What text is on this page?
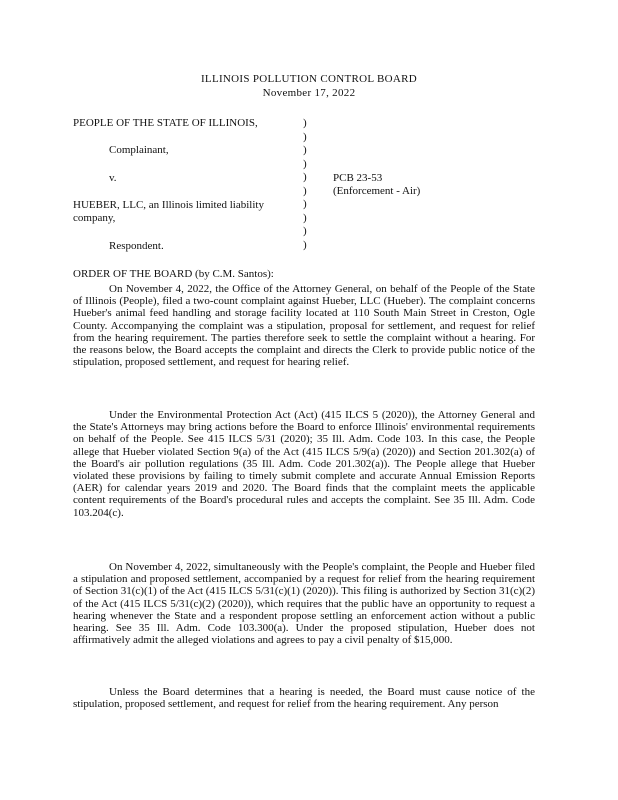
ILLINOIS POLLUTION CONTROL BOARD
November 17, 2022
PEOPLE OF THE STATE OF ILLINOIS,
Complainant,
v.
HUEBER, LLC, an Illinois limited liability
company,
Respondent.
)
)
)
)
)
)
)
)
)
)
PCB 23-53
(Enforcement - Air)
ORDER OF THE BOARD (by C.M. Santos):

On November 4, 2022, the Office of the Attorney General, on behalf of the People of the State of Illinois (People), filed a two-count complaint against Hueber, LLC (Hueber). The complaint concerns Hueber's animal feed handling and storage facility located at 110 South Main Street in Creston, Ogle County. Accompanying the complaint was a stipulation, proposal for settlement, and request for relief from the hearing requirement. The parties therefore seek to settle the complaint without a hearing. For the reasons below, the Board accepts the complaint and directs the Clerk to provide public notice of the stipulation, proposed settlement, and request for hearing relief.

Under the Environmental Protection Act (Act) (415 ILCS 5 (2020)), the Attorney General and the State's Attorneys may bring actions before the Board to enforce Illinois' environmental requirements on behalf of the People. See 415 ILCS 5/31 (2020); 35 Ill. Adm. Code 103. In this case, the People allege that Hueber violated Section 9(a) of the Act (415 ILCS 5/9(a) (2020)) and Section 201.302(a) of the Board's air pollution regulations (35 Ill. Adm. Code 201.302(a)). The People allege that Hueber violated these provisions by failing to timely submit complete and accurate Annual Emission Reports (AER) for calendar years 2019 and 2020. The Board finds that the complaint meets the applicable content requirements of the Board's procedural rules and accepts the complaint. See 35 Ill. Adm. Code 103.204(c).

On November 4, 2022, simultaneously with the People's complaint, the People and Hueber filed a stipulation and proposed settlement, accompanied by a request for relief from the hearing requirement of Section 31(c)(1) of the Act (415 ILCS 5/31(c)(1) (2020)). This filing is authorized by Section 31(c)(2) of the Act (415 ILCS 5/31(c)(2) (2020)), which requires that the public have an opportunity to request a hearing whenever the State and a respondent propose settling an enforcement action without a public hearing. See 35 Ill. Adm. Code 103.300(a). Under the proposed stipulation, Hueber does not affirmatively admit the alleged violations and agrees to pay a civil penalty of $15,000.

Unless the Board determines that a hearing is needed, the Board must cause notice of the stipulation, proposed settlement, and request for relief from the hearing requirement. Any person
